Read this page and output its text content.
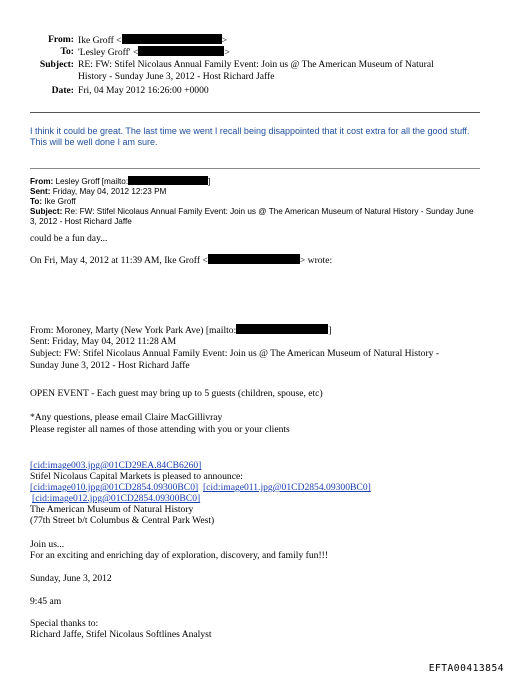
From: Ike Groff <	>
To: 'Lesley Groff' <	>
Subject: RE: FW: Stifel Nicolaus Annual Family Event: Join us @ The American Museum of Natural
History - Sunday June 3, 2012 - Host Richard Jaffe
Date: Fri, 04 May 2012 16:26:00 +0000
I think it could be great. The last time we went I recall being disappointed that it cost extra for all the good stuff.
This will be well done I am sure.
From: Lesley Groff [mailto:	]
Sent: Friday, May 04, 2012 12:23 PM
To: Ike Groff
Subject: Re: FW: Stifel Nicolaus Annual Family Event: Join us @ The American Museum of Natural History - Sunday June
3, 2012 - Host Richard Jaffe
could be a fun day...
On Fri, May 4, 2012 at 11:39 AM, Ike Groff <	> wrote:
From: Moroney, Marty (New York Park Ave) [mailto:	]
Sent: Friday, May 04, 2012 11:28 AM
Subject: FW: Stifel Nicolaus Annual Family Event: Join us @ The American Museum of Natural History -
Sunday June 3, 2012 - Host Richard Jaffe
OPEN EVENT - Each guest may bring up to 5 guests (children, spouse, etc)
*Any questions, please email Claire MacGillivray
Please register all names of those attending with you or your clients
[cid:image003.jpg@01CD29EA.84CB6260]
Stifel Nicolaus Capital Markets is pleased to announce:
[cid:image010.jpg@01CD2854.09300BC0] [cid:image011.jpg@01CD2854.09300BC0]
[cid:image012.jpg@01CD2854.09300BC0]
The American Museum of Natural History
(77th Street b/t Columbus & Central Park West)
Join us...
For an exciting and enriching day of exploration, discovery, and family fun!!!
Sunday, June 3, 2012
9:45 am
Special thanks to:
Richard Jaffe, Stifel Nicolaus Softlines Analyst
EFTA00413854
